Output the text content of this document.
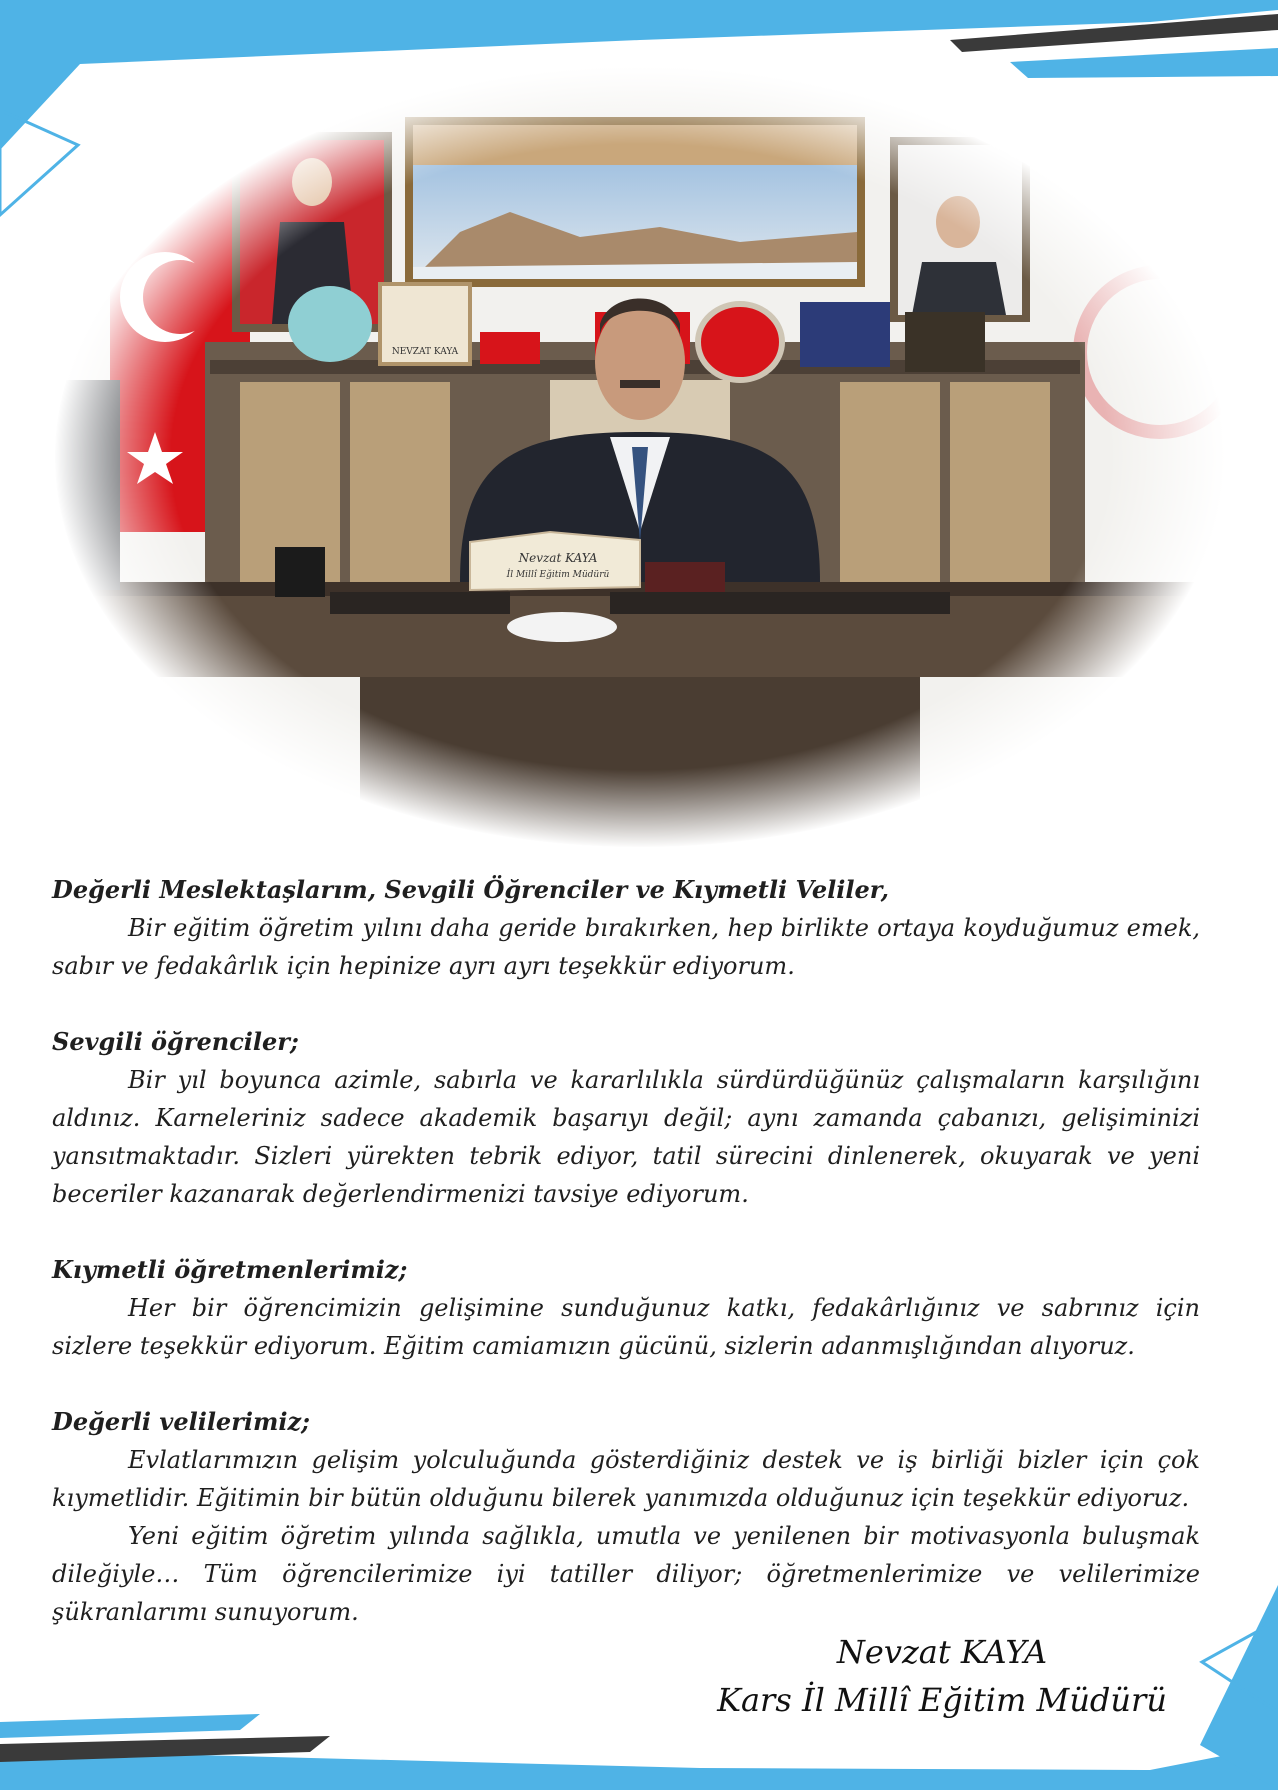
Değerli Meslektaşlarım, Sevgili Öğrenciler ve Kıymetli Veliler,

Bir eğitim öğretim yılını daha geride bırakırken, hep birlikte ortaya koyduğumuz emek, sabır ve fedakârlık için hepinize ayrı ayrı teşekkür ediyorum.

Sevgili öğrenciler;

Bir yıl boyunca azimle, sabırla ve kararlılıkla sürdürdüğünüz çalışmaların karşılığını aldınız. Karneleriniz sadece akademik başarıyı değil; aynı zamanda çabanızı, gelişiminizi yansıtmaktadır. Sizleri yürekten tebrik ediyor, tatil sürecini dinlenerek, okuyarak ve yeni beceriler kazanarak değerlendirmenizi tavsiye ediyorum.

Kıymetli öğretmenlerimiz;

Her bir öğrencimizin gelişimine sunduğunuz katkı, fedakârlığınız ve sabrınız için sizlere teşekkür ediyorum. Eğitim camiamızın gücünü, sizlerin adanmışlığından alıyoruz.

Değerli velilerimiz;

Evlatlarımızın gelişim yolculuğunda gösterdiğiniz destek ve iş birliği bizler için çok kıymetlidir. Eğitimin bir bütün olduğunu bilerek yanımızda olduğunuz için teşekkür ediyoruz.

Yeni eğitim öğretim yılında sağlıkla, umutla ve yenilenen bir motivasyonla buluşmak dileğiyle… Tüm öğrencilerimize iyi tatiller diliyor; öğretmenlerimize ve velilerimize şükranlarımı sunuyorum.

Nevzat KAYA
Kars İl Millî Eğitim Müdürü
